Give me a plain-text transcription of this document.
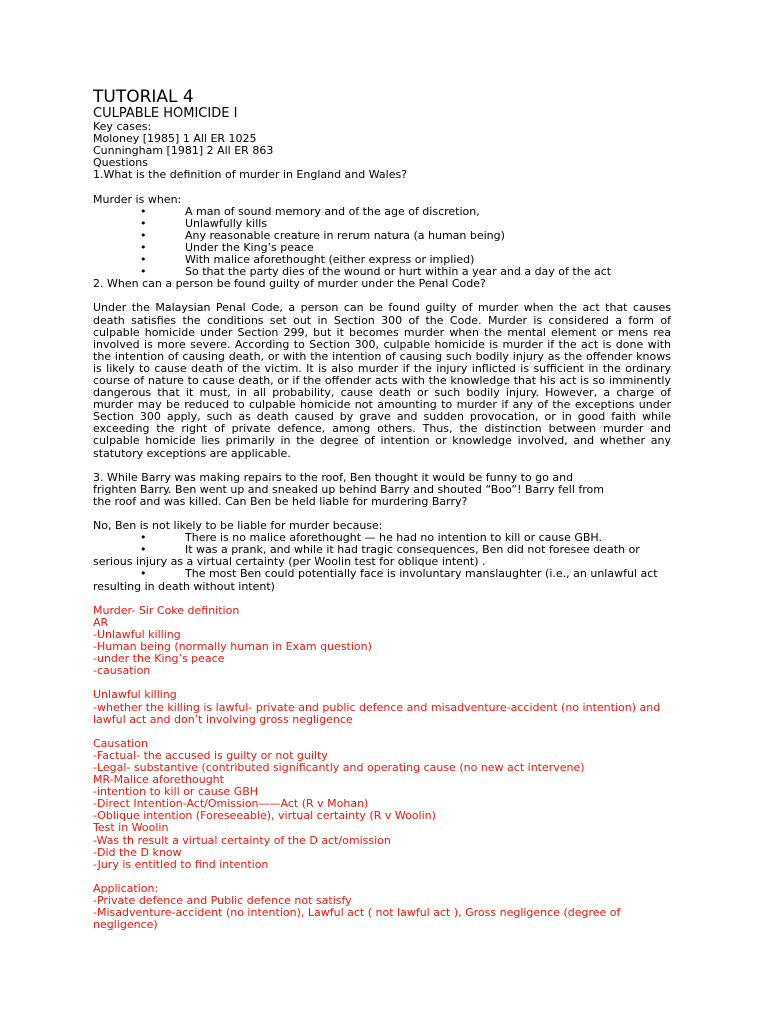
TUTORIAL 4
CULPABLE HOMICIDE I
Key cases:
Moloney [1985] 1 All ER 1025
Cunningham [1981] 2 All ER 863
Questions
1.What is the definition of murder in England and Wales?
Murder is when:
•	A man of sound memory and of the age of discretion,
•	Unlawfully kills
•	Any reasonable creature in rerum natura (a human being)
•	Under the King’s peace
•	With malice aforethought (either express or implied)
•	So that the party dies of the wound or hurt within a year and a day of the act
2. When can a person be found guilty of murder under the Penal Code?
Under the Malaysian Penal Code, a person can be found guilty of murder when the act that causes death satisfies the conditions set out in Section 300 of the Code. Murder is considered a form of culpable homicide under Section 299, but it becomes murder when the mental element or mens rea involved is more severe. According to Section 300, culpable homicide is murder if the act is done with the intention of causing death, or with the intention of causing such bodily injury as the offender knows is likely to cause death of the victim. It is also murder if the injury inflicted is sufficient in the ordinary course of nature to cause death, or if the offender acts with the knowledge that his act is so imminently dangerous that it must, in all probability, cause death or such bodily injury. However, a charge of murder may be reduced to culpable homicide not amounting to murder if any of the exceptions under Section 300 apply, such as death caused by grave and sudden provocation, or in good faith while exceeding the right of private defence, among others. Thus, the distinction between murder and culpable homicide lies primarily in the degree of intention or knowledge involved, and whether any statutory exceptions are applicable.
3. While Barry was making repairs to the roof, Ben thought it would be funny to go and
frighten Barry. Ben went up and sneaked up behind Barry and shouted “Boo”! Barry fell from
the roof and was killed. Can Ben be held liable for murdering Barry?
No, Ben is not likely to be liable for murder because:
•	There is no malice aforethought — he had no intention to kill or cause GBH.
•	It was a prank, and while it had tragic consequences, Ben did not foresee death or
serious injury as a virtual certainty (per Woolin test for oblique intent) .
•	The most Ben could potentially face is involuntary manslaughter (i.e., an unlawful act
resulting in death without intent)
Murder- Sir Coke definition
AR
-Unlawful killing
-Human being (normally human in Exam question)
-under the King’s peace
-causation
Unlawful killing
-whether the killing is lawful- private and public defence and misadventure-accident (no intention) and
lawful act and don’t involving gross negligence
Causation
-Factual- the accused is guilty or not guilty
-Legal- substantive (contributed significantly and operating cause (no new act intervene)
MR-Malice aforethought
-intention to kill or cause GBH
-Direct Intention-Act/Omission——Act (R v Mohan)
-Oblique intention (Foreseeable), virtual certainty (R v Woolin)
Test in Woolin
-Was th result a virtual certainty of the D act/omission
-Did the D know
-Jury is entitled to find intention
Application:
-Private defence and Public defence not satisfy
-Misadventure-accident (no intention), Lawful act ( not lawful act ), Gross negligence (degree of
negligence)
